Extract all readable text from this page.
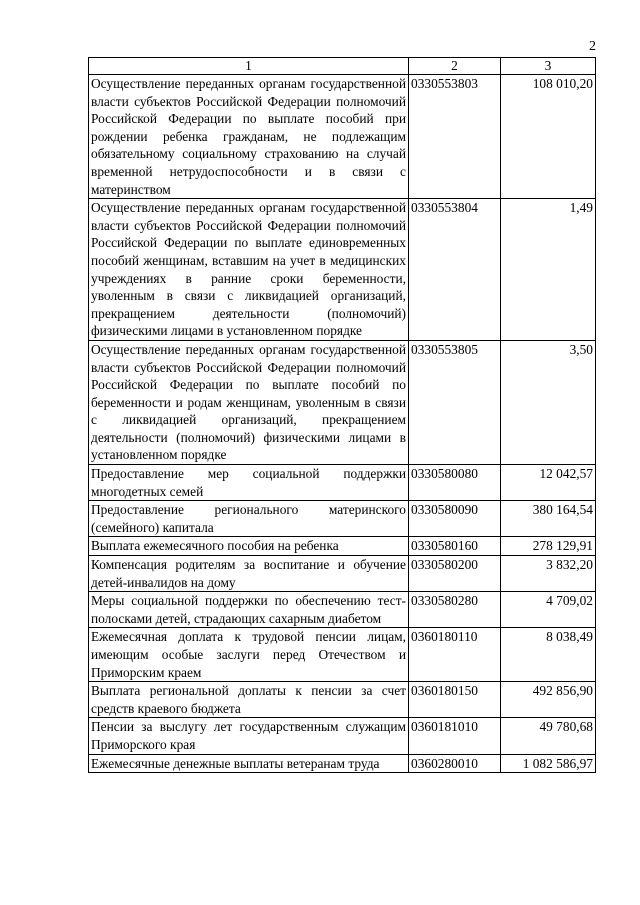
2
1	2	3
Осуществление переданных органам государственной власти субъектов Российской Федерации полномочий Российской Федерации по выплате пособий при рождении ребенка гражданам, не подлежащим обязательному социальному страхованию на случай временной нетрудоспособности и в связи с материнством	0330553803	108 010,20
Осуществление переданных органам государственной власти субъектов Российской Федерации полномочий Российской Федерации по выплате единовременных пособий женщинам, вставшим на учет в медицинских учреждениях в ранние сроки беременности, уволенным в связи с ликвидацией организаций, прекращением деятельности (полномочий) физическими лицами в установленном порядке	0330553804	1,49
Осуществление переданных органам государственной власти субъектов Российской Федерации полномочий Российской Федерации по выплате пособий по беременности и родам женщинам, уволенным в связи с ликвидацией организаций, прекращением деятельности (полномочий) физическими лицами в установленном порядке	0330553805	3,50
Предоставление мер социальной поддержки многодетных семей	0330580080	12 042,57
Предоставление регионального материнского (семейного) капитала	0330580090	380 164,54
Выплата ежемесячного пособия на ребенка	0330580160	278 129,91
Компенсация родителям за воспитание и обучение детей-инвалидов на дому	0330580200	3 832,20
Меры социальной поддержки по обеспечению тест-полосками детей, страдающих сахарным диабетом	0330580280	4 709,02
Ежемесячная доплата к трудовой пенсии лицам, имеющим особые заслуги перед Отечеством и Приморским краем	0360180110	8 038,49
Выплата региональной доплаты к пенсии за счет средств краевого бюджета	0360180150	492 856,90
Пенсии за выслугу лет государственным служащим Приморского края	0360181010	49 780,68
Ежемесячные денежные выплаты ветеранам труда	0360280010	1 082 586,97
